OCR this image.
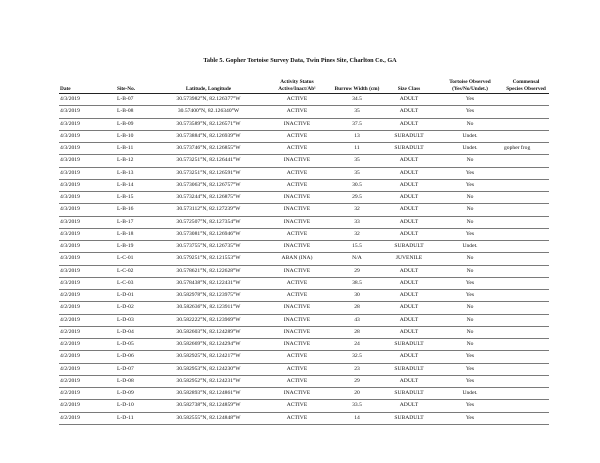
Table 5. Gopher Tortoise Survey Data, Twin Pines Site, Charlton Co., GA
Date	Site-No.	Latitude, Longitude	Activity Status Active/Inact/Ab¹	Burrow Width (cm)	Size Class	Tortoise Observed (Yes/No/Undet.)	Commensal Species Observed
4/3/2019	L-B-07	30.573982°N, 82.126377°W	ACTIVE	34.5	ADULT	Yes	
4/3/2019	L-B-08	30.57400°N, 82.126340°W	ACTIVE	35	ADULT	Yes	
4/3/2019	L-B-09	30.573589°N, 82.126571°W	INACTIVE	37.5	ADULT	No	
4/3/2019	L-B-10	30.573884°N, 82.126939°W	ACTIVE	13	SUBADULT	Undet.	
4/3/2019	L-B-11	30.573746°N, 82.126855°W	ACTIVE	11	SUBADULT	Undet.	gopher frog
4/3/2019	L-B-12	30.573251°N, 82.126441°W	INACTIVE	35	ADULT	No	
4/3/2019	L-B-13	30.573251°N, 82.126591°W	ACTIVE	35	ADULT	Yes	
4/3/2019	L-B-14	30.573063°N, 82.126757°W	ACTIVE	30.5	ADULT	Yes	
4/3/2019	L-B-15	30.573244°N, 82.126875°W	INACTIVE	29.5	ADULT	No	
4/3/2019	L-B-16	30.573112°N, 82.127239°W	INACTIVE	32	ADULT	No	
4/3/2019	L-B-17	30.572507°N, 82.127354°W	INACTIVE	33	ADULT	No	
4/3/2019	L-B-18	30.573081°N, 82.126946°W	ACTIVE	32	ADULT	Yes	
4/3/2019	L-B-19	30.573755°N, 82.126735°W	INACTIVE	15.5	SUBADULT	Undet.	
4/3/2019	L-C-01	30.579251°N, 82.121553°W	ABAN (INA)	N/A	JUVENILE	No	
4/3/2019	L-C-02	30.578621°N, 82.122628°W	INACTIVE	29	ADULT	No	
4/3/2019	L-C-03	30.578438°N, 82.122431°W	ACTIVE	38.5	ADULT	Yes	
4/2/2019	L-D-01	30.582978°N, 82.123975°W	ACTIVE	30	ADULT	Yes	
4/2/2019	L-D-02	30.582636°N, 82.123911°W	INACTIVE	28	ADULT	No	
4/2/2019	L-D-03	30.582222°N, 82.123969°W	INACTIVE	43	ADULT	No	
4/2/2019	L-D-04	30.582603°N, 82.124289°W	INACTIVE	28	ADULT	No	
4/2/2019	L-D-05	30.582669°N, 82.124294°W	INACTIVE	24	SUBADULT	No	
4/2/2019	L-D-06	30.582925°N, 82.124217°W	ACTIVE	32.5	ADULT	Yes	
4/2/2019	L-D-07	30.582953°N, 82.124230°W	ACTIVE	23	SUBADULT	Yes	
4/2/2019	L-D-08	30.582952°N, 82.124231°W	ACTIVE	29	ADULT	Yes	
4/2/2019	L-D-09	30.582893°N, 82.124861°W	INACTIVE	20	SUBADULT	Undet.	
4/2/2019	L-D-10	30.582738°N, 82.124859°W	ACTIVE	33.5	ADULT	Yes	
4/2/2019	L-D-11	30.582555°N, 82.124848°W	ACTIVE	14	SUBADULT	Yes	
